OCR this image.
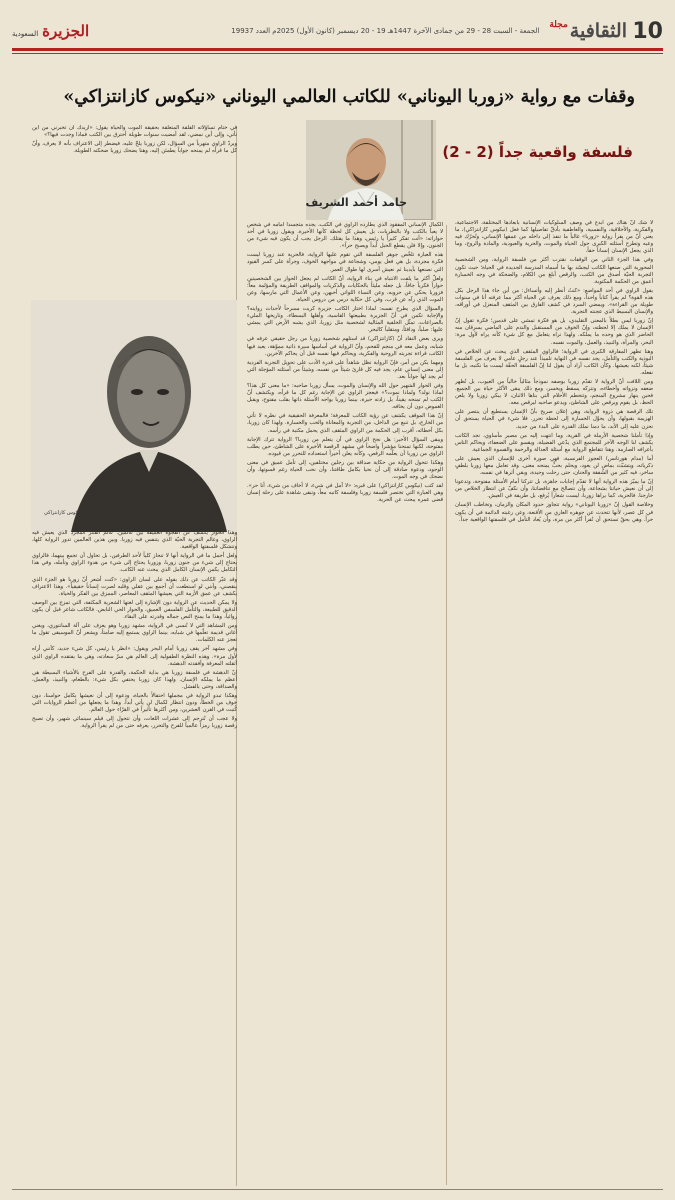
10
الثقافية$^{مجلة}$
الجمعة - السبت 28 - 29 من جمادى الآخرة 1447هـ 19 - 20 ديسمبر (كانون الأول) 2025م العدد 19937
الجزيرة
السعودية
وقفات مع رواية «زوربا اليوناني» للكاتب العالمي اليوناني «نيكوس كازانتزاكي»
فلسفة واقعية جداً (2 - 2)
حامد أحمد الشريف

لا شكّ أنّ هناك من أبدع في وصف السلوكيات الإنسانية بأبعادها المختلفة، الاجتماعية، والفكرية، والأخلاقية، والنفسية، والعاطفية بأدقّ تفاصيلها كما فعل (نيكوس كازانتزاكي)، ما يعني أنّ من يقرأ رواية «زوربا» غالباً ما تنفذ إلى داخله من عمقها الإنساني، وتُحرّك فيه وعيه وتطرح أسئلته الكبرى حول الحياة والموت، والحرية والعبودية، والمادة والروح، وما الذي يجعل الإنسان إنساناً حقاً.

وفي هذا الجزء الثاني من الوقفات نقترب أكثر من فلسفة الرواية، ومن الشخصية المحورية التي صنعها الكاتب ليجسّد بها ما أسماه المدرسة الجديدة في الحياة؛ حيث تكون التجربة الحيّة أصدق من الكتب، والرقص أبلغ من الكلام، والضحكة في وجه الخسارة أعمق من الحكمة المكتوبة.

يقول الراوي في أحد المواضع: «كنتُ أنظر إليه وأتساءل: من أين جاء هذا الرجل بكل هذه القوة؟ لم يقرأ كتاباً واحداً، ومع ذلك يعرف عن الحياة أكثر مما عرفته أنا في سنوات طويلة من القراءة». ويمضي السرد في كشف الفارق بين المثقف المنعزل في أوراقه، والإنسان البسيط الذي عجنته التجربة.

إنّ زوربا ليس بطلاً بالمعنى التقليدي، بل هو فكرة تمشي على قدمين؛ فكرة تقول إنّ الإنسان لا يملك إلا لحظته، وإنّ الخوف من المستقبل والندم على الماضي يسرقان منه الحاضر الذي هو وحده ما يملكه. ولهذا نراه يتعامل مع كل شيء كأنه يراه لأول مرة: البحر، والمرأة، والنبيذ، والعمل، والموت نفسه.

وهنا تظهر المفارقة الكبرى في الرواية؛ فالراوي المثقف الذي يبحث عن الخلاص في البوذية والكتب والتأمل، يجد نفسه في النهاية تلميذاً عند رجلٍ عامي لا يعرف من الفلسفة شيئاً، لكنه يعيشها. وكأن الكاتب أراد أن يقول لنا إنّ الفلسفة الحقّة ليست ما نكتبه، بل ما نفعله.

ومن اللافت أنّ الرواية لا تقدّم زوربا بوصفه نموذجاً مثالياً خالياً من العيوب، بل تُظهر ضعفه ونزواته وأخطاءه، وتتركه يسقط ويخسر، ومع ذلك يبقى الأكثر حياة بين الجميع. فحين ينهار مشروع المنجم، وتتحطم الأحلام التي بناها الاثنان، لا يبكي زوربا ولا يلعن الحظ، بل يقوم ويرقص على الشاطئ، ويدعو صاحبه ليرقص معه.

تلك الرقصة هي ذروة الرواية، وهي إعلان صريح بأنّ الإنسان يستطيع أن ينتصر على الهزيمة بقبولها، وأن يحوّل الخسارة إلى لحظة تحرر. فلا شيء في الحياة يستحق أن نحزن عليه إلى الأبد، ما دمنا نملك القدرة على البدء من جديد.

وإذا تأملنا شخصية الأرملة في القرية، وما انتهت إليه من مصير مأساوي، نجد الكاتب يكشف لنا الوجه الآخر للمجتمع الذي يدّعي الفضيلة، ويقسو على الضعفاء، ويحاكم الناس بأعرافه الصارمة. وهنا تتقاطع الرواية مع أسئلة العدالة والرحمة والقسوة الجماعية.

أما (مدام هورتانس) العجوز الفرنسية، فهي صورة أخرى للإنسان الذي يعيش على ذكرياته، ويتشبّث بماضٍ لن يعود، ويحلم بحبٍّ يمنحه معنى. وقد تعامل معها زوربا بلطفٍ ساخر، فيه كثير من الشفقة والحنان، حتى رحلت وحيدة، وبقي أثرها في نفسه.

إنّ ما يميّز هذه الرواية أنها لا تقدّم إجابات جاهزة، بل تتركنا أمام الأسئلة مفتوحة، وتدعونا إلى أن نعيش حياتنا بشجاعة، وأن نتصالح مع تناقضاتنا، وأن نكفّ عن انتظار الخلاص من خارجنا. فالحرية، كما يراها زوربا، ليست شعاراً يُرفع، بل طريقة في العيش.

وخلاصة القول إنّ «زوربا اليوناني» رواية تتجاوز حدود المكان والزمان، وتخاطب الإنسان في كل عصر، لأنها تتحدث عن جوهره العاري من الأقنعة، وعن رغبته الدائمة في أن يكون حراً. وهي بحقّ تستحق أن تُقرأ أكثر من مرة، وأن يُعاد التأمل في فلسفتها الواقعية جداً.

الكمال الإنساني المفقود الذي يطارده الراوي في الكتب، يجده متجسداً أمامه في شخص لا يعبأ بالكتب ولا بالنظريات، بل يعيش كل لحظة كأنها الأخيرة. ويقول زوربا في أحد حواراته: «أنت تفكر كثيراً يا رئيس، وهذا ما يقتلك. الرجل يجب أن يكون فيه شيء من الجنون، وإلا فلن يقطع الحبل أبداً ويصبح حراً».

هذه العبارة تلخّص جوهر الفلسفة التي تقوم عليها الرواية، فالحرية عند زوربا ليست فكرة مجردة، بل هي فعل يومي، وشجاعة في مواجهة الخوف، وجرأة على كسر القيود التي نصنعها بأيدينا ثم نعيش أسرى لها طوال العمر.

ولعلّ أكثر ما يلفت الانتباه في بناء الرواية، أنّ الكاتب لم يجعل الحوار بين الشخصيتين حواراً فكرياً جافاً، بل جعله مليئاً بالحكايات والذكريات والمواقف الطريفة والمؤلمة معاً؛ فزوربا يحكي عن حروبه، وعن النساء اللواتي أحبهن، وعن الأعمال التي مارسها، وعن الموت الذي رآه عن قرب، وفي كل حكاية درس من دروس الحياة.

والسؤال الذي يطرح نفسه: لماذا اختار الكاتب جزيرة كريت مسرحاً لأحداث روايته؟ والإجابة تكمن في أنّ الجزيرة بطبيعتها القاسية، وأهلها البسطاء، وتاريخها المليء بالصراعات، تمثّل الخلفية المثالية لشخصية مثل زوربا، الذي يشبه الأرض التي يمشي عليها: صلباً، ودافئاً، ومتقلباً كالبحر.

ويرى بعض النقاد أنّ (كازانتزاكي) قد استلهم شخصية زوربا من رجل حقيقي عرفه في شبابه، وعمل معه في منجم للفحم، وأنّ الرواية في أساسها سيرة ذاتية مموّهة، يعيد فيها الكاتب قراءة تجربته الروحية والفكرية، ويحاكم فيها نفسه قبل أن يحاكم الآخرين.

ومهما يكن من أمر، فإنّ الرواية تظل شاهداً على قدرة الأدب على تحويل التجربة الفردية إلى معنى إنساني عام، يجد فيه كل قارئ شيئاً من نفسه، وشيئاً من أسئلته المؤجلة التي لم يجد لها جواباً بعد.

وفي الحوار الشهير حول الله والإنسان والموت، يسأل زوربا صاحبه: «ما معنى كل هذا؟ لماذا نولد؟ ولماذا نموت؟» فيعجز الراوي عن الإجابة رغم كل ما قرأه، ويكتشف أنّ الكتب لم تمنحه يقيناً، بل زادته حيرة، بينما زوربا يواجه الأسئلة ذاتها بقلب مفتوح، ويقبل الغموض دون أن يخافه.

إنّ هذا الموقف يكشف عن رؤية الكاتب للمعرفة؛ فالمعرفة الحقيقية في نظره لا تأتي من الخارج، بل تنبع من الداخل، من التجربة والمعاناة والحب والخسارة. ولهذا كان زوربا، بكل أخطائه، أقرب إلى الحكمة من الراوي المثقف الذي يحمل مكتبة في رأسه.

ويبقى السؤال الأخير: هل نجح الراوي في أن يتعلم من زوربا؟ الرواية تترك الإجابة مفتوحة، لكنها تمنحنا مؤشراً واضحاً في مشهد الرقصة الأخيرة على الشاطئ، حين يطلب الراوي من زوربا أن يعلّمه الرقص، وكأنه يعلن أخيراً استعداده للتحرر من قيوده.

وهكذا تتحول الرواية من حكاية صداقة بين رجلين مختلفين، إلى تأمل عميق في معنى الوجود، ودعوة صادقة إلى أن نحيا بكامل طاقتنا، وأن نحب الحياة رغم قسوتها، وأن نضحك في وجه الموت.

لقد كتب (نيكوس كازانتزاكي) على قبره: «لا آمل في شيء، لا أخاف من شيء، أنا حر». وهي العبارة التي تختصر فلسفة زوربا وفلسفة كاتبه معاً، وتبقى شاهدة على رحلة إنسان قضى عمره يبحث عن الحرية.

في ختام تساؤلاته القلقة المتعلقة بحقيقة الموت والحياة يقول: «أريدك أن تخبرني من أين نأتي، وإلى أين نمضي، لقد أمضيت سنوات طويلة أحترق بين الكتب فماذا وجدت فيها؟»

ويردّ الراوي متهرباً من السؤال، لكن زوربا يلحّ عليه، فيضطر إلى الاعتراف بأنه لا يعرف، وأنّ كل ما قرأه لم يمنحه جواباً يطمئن إليه، وهنا يضحك زوربا ضحكته الطويلة.

نيكوس كازانتزاكي

وهذا الحوار يكشف عن الفجوة العميقة بين عالمين: عالم الفكر المجرد الذي يعيش فيه الراوي، وعالم التجربة الحيّة الذي يتنفس فيه زوربا. وبين هذين العالمين تدور الرواية كلها، وتتشكل فلسفتها الواقعية.

ولعل أجمل ما في الرواية أنها لا تنحاز كلياً لأحد الطرفين، بل تحاول أن تجمع بينهما، فالراوي يحتاج إلى شيء من جنون زوربا، وزوربا يحتاج إلى شيء من هدوء الراوي وتأمله، وفي هذا التكامل يكمن الإنسان الكامل الذي يبحث عنه الكاتب.

وقد عبّر الكاتب عن ذلك بقوله على لسان الراوي: «كنت أشعر أنّ زوربا هو الجزء الذي ينقصني، وأنني لو استطعت أن أجمع بين عقلي وقلبه لصرت إنساناً حقيقياً». وهذا الاعتراف يكشف عن عمق الأزمة التي يعيشها المثقف المعاصر، الممزق بين الفكر والحياة.

ولا يمكن الحديث عن الرواية دون الإشارة إلى لغتها الشعرية المكثفة، التي تمزج بين الوصف الدقيق للطبيعة، والتأمل الفلسفي العميق، والحوار الحي النابض. فالكاتب شاعر قبل أن يكون روائياً، وهذا ما يمنح النص جماله وقدرته على البقاء.

ومن المشاهد التي لا تُنسى في الرواية، مشهد زوربا وهو يعزف على آلة السانتوري، ويغني أغاني قديمة تعلّمها في شبابه، بينما الراوي يستمع إليه صامتاً، ويشعر أنّ الموسيقى تقول ما تعجز عنه الكلمات.

وفي مشهد آخر يقف زوربا أمام البحر ويقول: «انظر يا رئيس، كل شيء جديد، كأنني أراه لأول مرة». وهذه النظرة الطفولية إلى العالم هي سرّ سعادته، وهي ما يفتقده الراوي الذي أثقلته المعرفة وأفقدته الدهشة.

إنّ الدهشة في فلسفة زوربا هي بداية الحكمة، والقدرة على الفرح بالأشياء البسيطة هي أعظم ما يملكه الإنسان. ولهذا كان زوربا يحتفي بكل شيء: بالطعام، والنبيذ، والعمل، والصداقة، وحتى بالفشل.

وهكذا تبدو الرواية في مجملها احتفالاً بالحياة، ودعوة إلى أن نعيشها بكامل حواسنا، دون خوف من الخطأ، ودون انتظار لكمال لن يأتي أبداً. وهذا ما يجعلها من أعظم الروايات التي كُتبت في القرن العشرين، ومن أكثرها تأثيراً في القرّاء حول العالم.

ولا عجب أن تُترجم إلى عشرات اللغات، وأن تتحول إلى فيلم سينمائي شهير، وأن تصبح رقصة زوربا رمزاً عالمياً للفرح والتحرر، يعرفه حتى من لم يقرأ الرواية.
